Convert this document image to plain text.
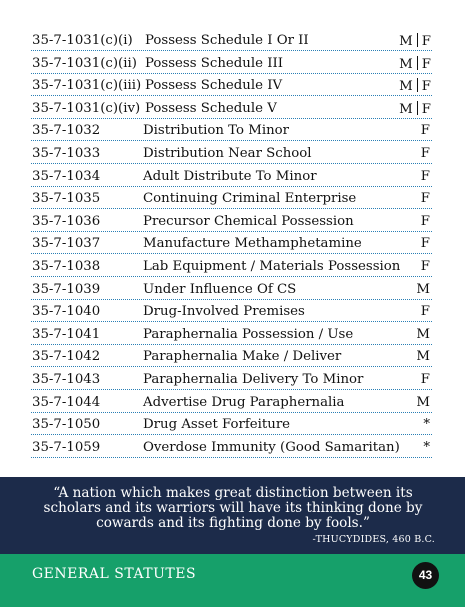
35-7-1031(c)(i) Possess Schedule I Or II	M F
35-7-1031(c)(ii) Possess Schedule III	M F
35-7-1031(c)(iii) Possess Schedule IV	M F
35-7-1031(c)(iv) Possess Schedule V	M F
35-7-1032	Distribution To Minor	F
35-7-1033	Distribution Near School	F
35-7-1034	Adult Distribute To Minor	F
35-7-1035	Continuing Criminal Enterprise	F
35-7-1036	Precursor Chemical Possession	F
35-7-1037	Manufacture Methamphetamine	F
35-7-1038	Lab Equipment / Materials Possession F
35-7-1039	Under Influence Of CS	M
35-7-1040	Drug-Involved Premises	F
35-7-1041	Paraphernalia Possession / Use	M
35-7-1042	Paraphernalia Make / Deliver	M
35-7-1043	Paraphernalia Delivery To Minor	F
35-7-1044	Advertise Drug Paraphernalia	M
35-7-1050	Drug Asset Forfeiture	*
35-7-1059	Overdose Immunity (Good Samaritan) *
“A nation which makes great distinction between its
scholars and its warriors will have its thinking done by
cowards and its fighting done by fools.”
-THUCYDIDES, 460 B.C.
GENERAL STATUTES	43
